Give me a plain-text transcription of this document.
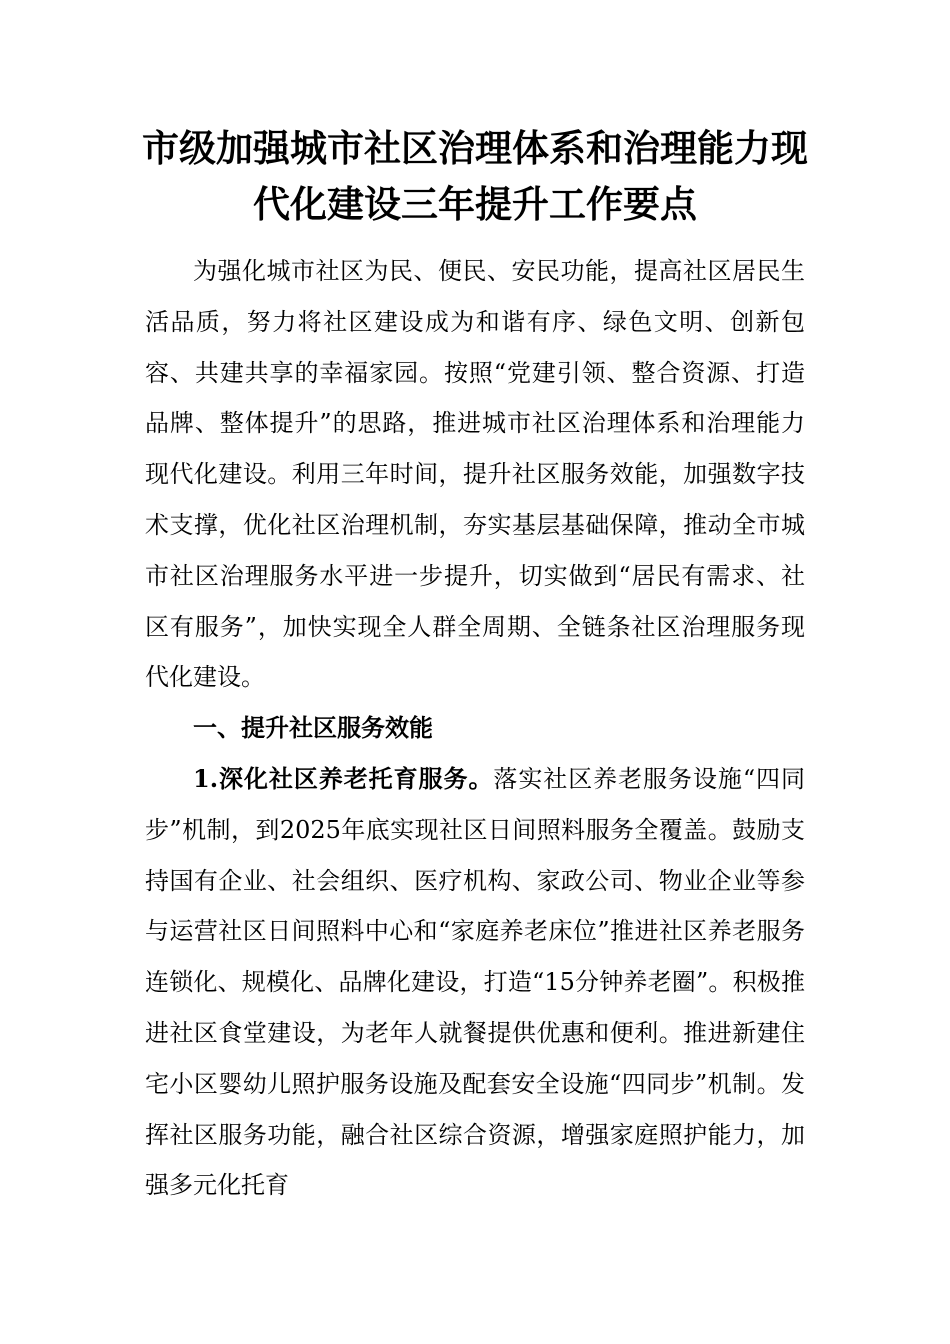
市级加强城市社区治理体系和治理能力现
代化建设三年提升工作要点

为强化城市社区为民、便民、安民功能，提高社区居民生活品质，努力将社区建设成为和谐有序、绿色文明、创新包容、共建共享的幸福家园。按照“党建引领、整合资源、打造品牌、整体提升”的思路，推进城市社区治理体系和治理能力现代化建设。利用三年时间，提升社区服务效能，加强数字技术支撑，优化社区治理机制，夯实基层基础保障，推动全市城市社区治理服务水平进一步提升，切实做到“居民有需求、社区有服务”，加快实现全人群全周期、全链条社区治理服务现代化建设。

一、提升社区服务效能

1.深化社区养老托育服务。落实社区养老服务设施“四同步”机制，到2025年底实现社区日间照料服务全覆盖。鼓励支持国有企业、社会组织、医疗机构、家政公司、物业企业等参与运营社区日间照料中心和“家庭养老床位”推进社区养老服务连锁化、规模化、品牌化建设，打造“15分钟养老圈”。积极推进社区食堂建设，为老年人就餐提供优惠和便利。推进新建住宅小区婴幼儿照护服务设施及配套安全设施“四同步”机制。发挥社区服务功能，融合社区综合资源，增强家庭照护能力，加强多元化托育
